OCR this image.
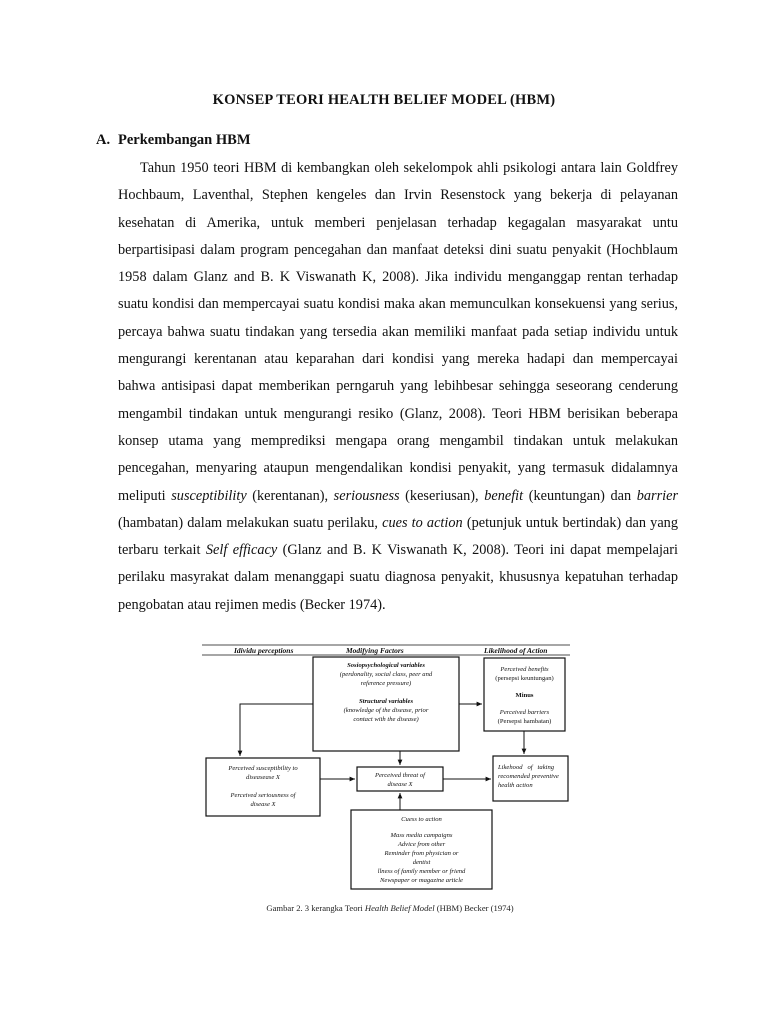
KONSEP TEORI HEALTH BELIEF MODEL (HBM)
A. Perkembangan HBM

Tahun 1950 teori HBM di kembangkan oleh sekelompok ahli psikologi antara lain Goldfrey Hochbaum, Laventhal, Stephen kengeles dan Irvin Resenstock yang bekerja di pelayanan kesehatan di Amerika, untuk memberi penjelasan terhadap kegagalan masyarakat untu berpartisipasi dalam program pencegahan dan manfaat deteksi dini suatu penyakit (Hochblaum 1958 dalam Glanz and B. K Viswanath K, 2008). Jika individu menganggap rentan terhadap suatu kondisi dan mempercayai suatu kondisi maka akan memunculkan konsekuensi yang serius, percaya bahwa suatu tindakan yang tersedia akan memiliki manfaat pada setiap individu untuk mengurangi kerentanan atau keparahan dari kondisi yang mereka hadapi dan mempercayai bahwa antisipasi dapat memberikan perngaruh yang lebihbesar sehingga seseorang cenderung mengambil tindakan untuk mengurangi resiko (Glanz, 2008). Teori HBM berisikan beberapa konsep utama yang memprediksi mengapa orang mengambil tindakan untuk melakukan pencegahan, menyaring ataupun mengendalikan kondisi penyakit, yang termasuk didalamnya meliputi susceptibility (kerentanan), seriousness (keseriusan), benefit (keuntungan) dan barrier (hambatan) dalam melakukan suatu perilaku, cues to action (petunjuk untuk bertindak) dan yang terbaru terkait Self efficacy (Glanz and B. K Viswanath K, 2008). Teori ini dapat mempelajari perilaku masyrakat dalam menanggapi suatu diagnosa penyakit, khususnya kepatuhan terhadap pengobatan atau rejimen medis (Becker 1974).

Idividu perceptions	Modifying Factors	Likelihood of Action
Sosiopsychological variables
(perdonality, social class, peer and
reference pressure)
Structural variables
(knowledge of the disease, prior
contact with the disease)
Perceived benefits
(persepsi keuntungan)
Minus
Perceived barriers
(Persepsi hambatan)
Perceived susceptibility to
diseasease X
Perceived seriousness of
disease X
Perceived threat of
disease X
Likehood   of   taking
recomended preventive
health action
Cuess to action
Mass media campaigns
Advice from other
Reminder from physician or
dentist
llness of family member or friend
Newspaper or magazine article
Gambar 2. 3 kerangka Teori Health Belief Model (HBM) Becker (1974)
